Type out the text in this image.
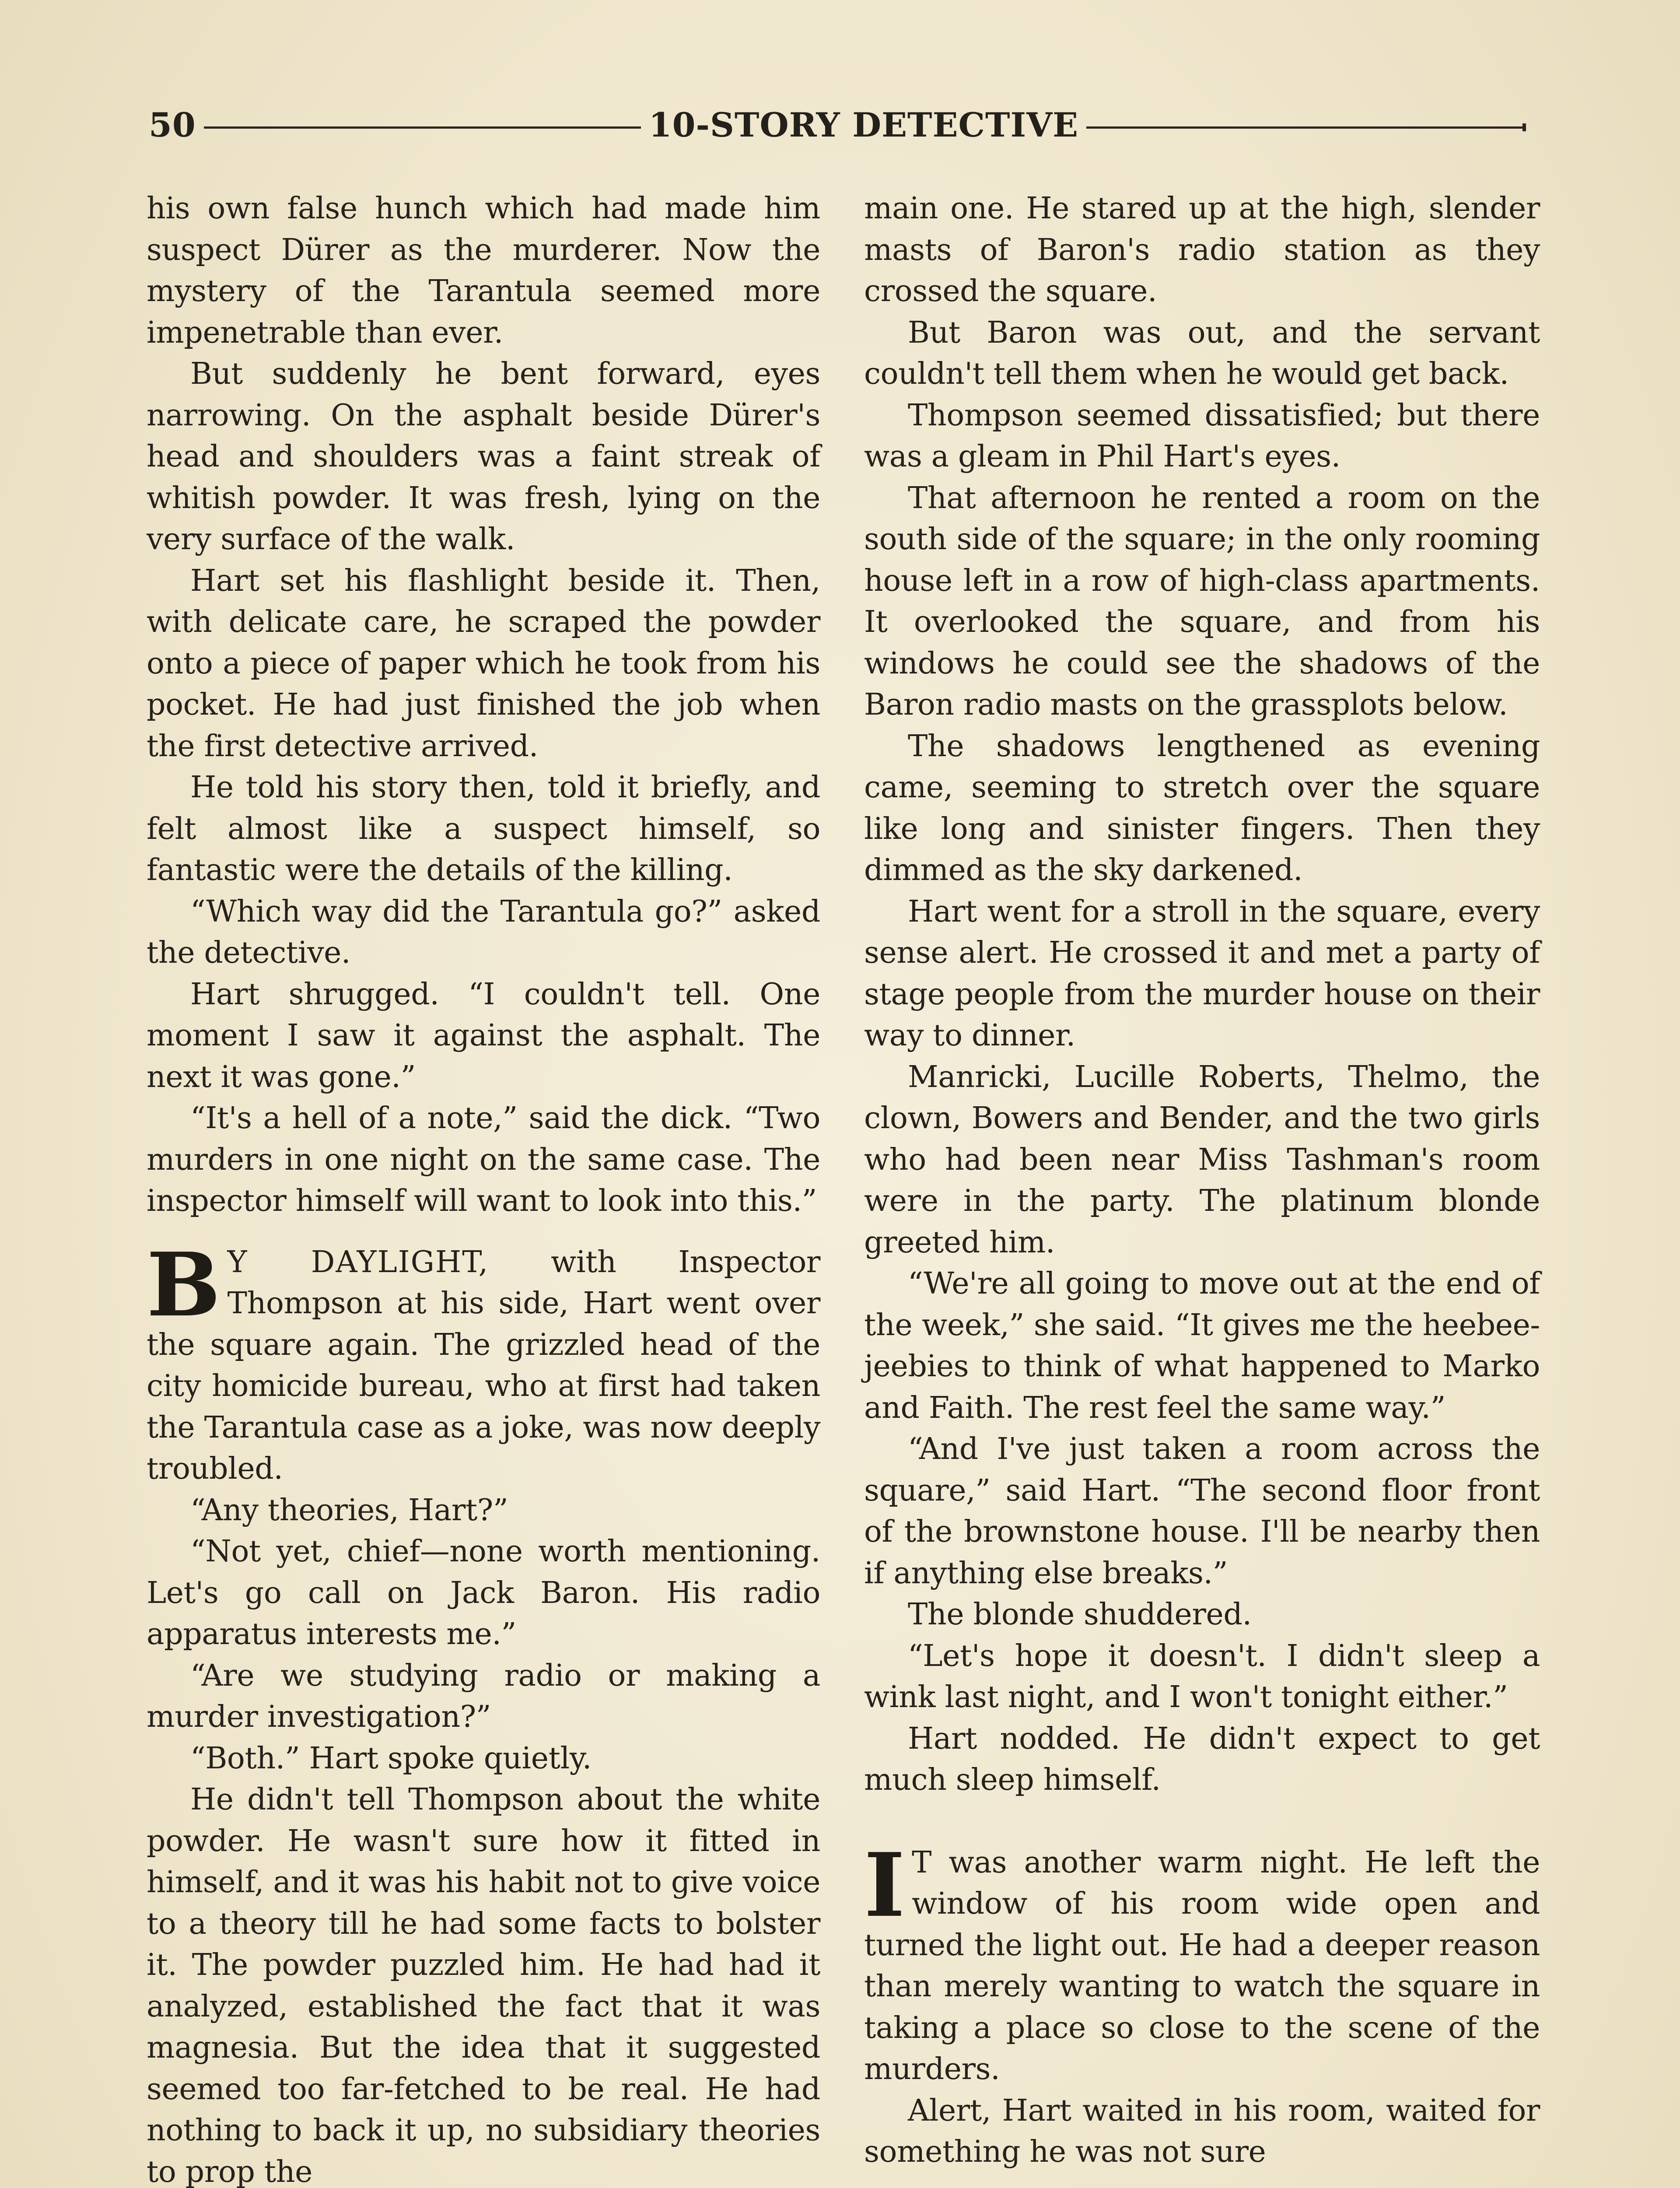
50	10-STORY DETECTIVE

his own false hunch which had made him suspect Dürer as the murderer. Now the mystery of the Tarantula seemed more impenetrable than ever.

But suddenly he bent forward, eyes narrowing. On the asphalt beside Dürer's head and shoulders was a faint streak of whitish powder. It was fresh, lying on the very surface of the walk.

Hart set his flashlight beside it. Then, with delicate care, he scraped the powder onto a piece of paper which he took from his pocket. He had just finished the job when the first detective arrived.

He told his story then, told it briefly, and felt almost like a suspect himself, so fantastic were the details of the killing.

“Which way did the Tarantula go?” asked the detective.

Hart shrugged. “I couldn't tell. One moment I saw it against the asphalt. The next it was gone.”

“It's a hell of a note,” said the dick. “Two murders in one night on the same case. The inspector himself will want to look into this.”

B Y DAYLIGHT, with Inspector Thompson at his side, Hart went over the square again. The grizzled head of the city homicide bureau, who at first had taken the Tarantula case as a joke, was now deeply troubled.

“Any theories, Hart?”

“Not yet, chief—none worth mentioning. Let's go call on Jack Baron. His radio apparatus interests me.”

“Are we studying radio or making a murder investigation?”

“Both.” Hart spoke quietly.

He didn't tell Thompson about the white powder. He wasn't sure how it fitted in himself, and it was his habit not to give voice to a theory till he had some facts to bolster it. The powder puzzled him. He had had it analyzed, established the fact that it was magnesia. But the idea that it suggested seemed too far-fetched to be real. He had nothing to back it up, no subsidiary theories to prop the

main one. He stared up at the high, slender masts of Baron's radio station as they crossed the square.

But Baron was out, and the servant couldn't tell them when he would get back.

Thompson seemed dissatisfied; but there was a gleam in Phil Hart's eyes.

That afternoon he rented a room on the south side of the square; in the only rooming house left in a row of high-class apartments. It overlooked the square, and from his windows he could see the shadows of the Baron radio masts on the grassplots below.

The shadows lengthened as evening came, seeming to stretch over the square like long and sinister fingers. Then they dimmed as the sky darkened.

Hart went for a stroll in the square, every sense alert. He crossed it and met a party of stage people from the murder house on their way to dinner.

Manricki, Lucille Roberts, Thelmo, the clown, Bowers and Bender, and the two girls who had been near Miss Tashman's room were in the party. The platinum blonde greeted him.

“We're all going to move out at the end of the week,” she said. “It gives me the heebee-jeebies to think of what happened to Marko and Faith. The rest feel the same way.”

“And I've just taken a room across the square,” said Hart. “The second floor front of the brownstone house. I'll be nearby then if anything else breaks.”

The blonde shuddered.

“Let's hope it doesn't. I didn't sleep a wink last night, and I won't tonight either.”

Hart nodded. He didn't expect to get much sleep himself.

I T was another warm night. He left the window of his room wide open and turned the light out. He had a deeper reason than merely wanting to watch the square in taking a place so close to the scene of the murders.

Alert, Hart waited in his room, waited for something he was not sure
